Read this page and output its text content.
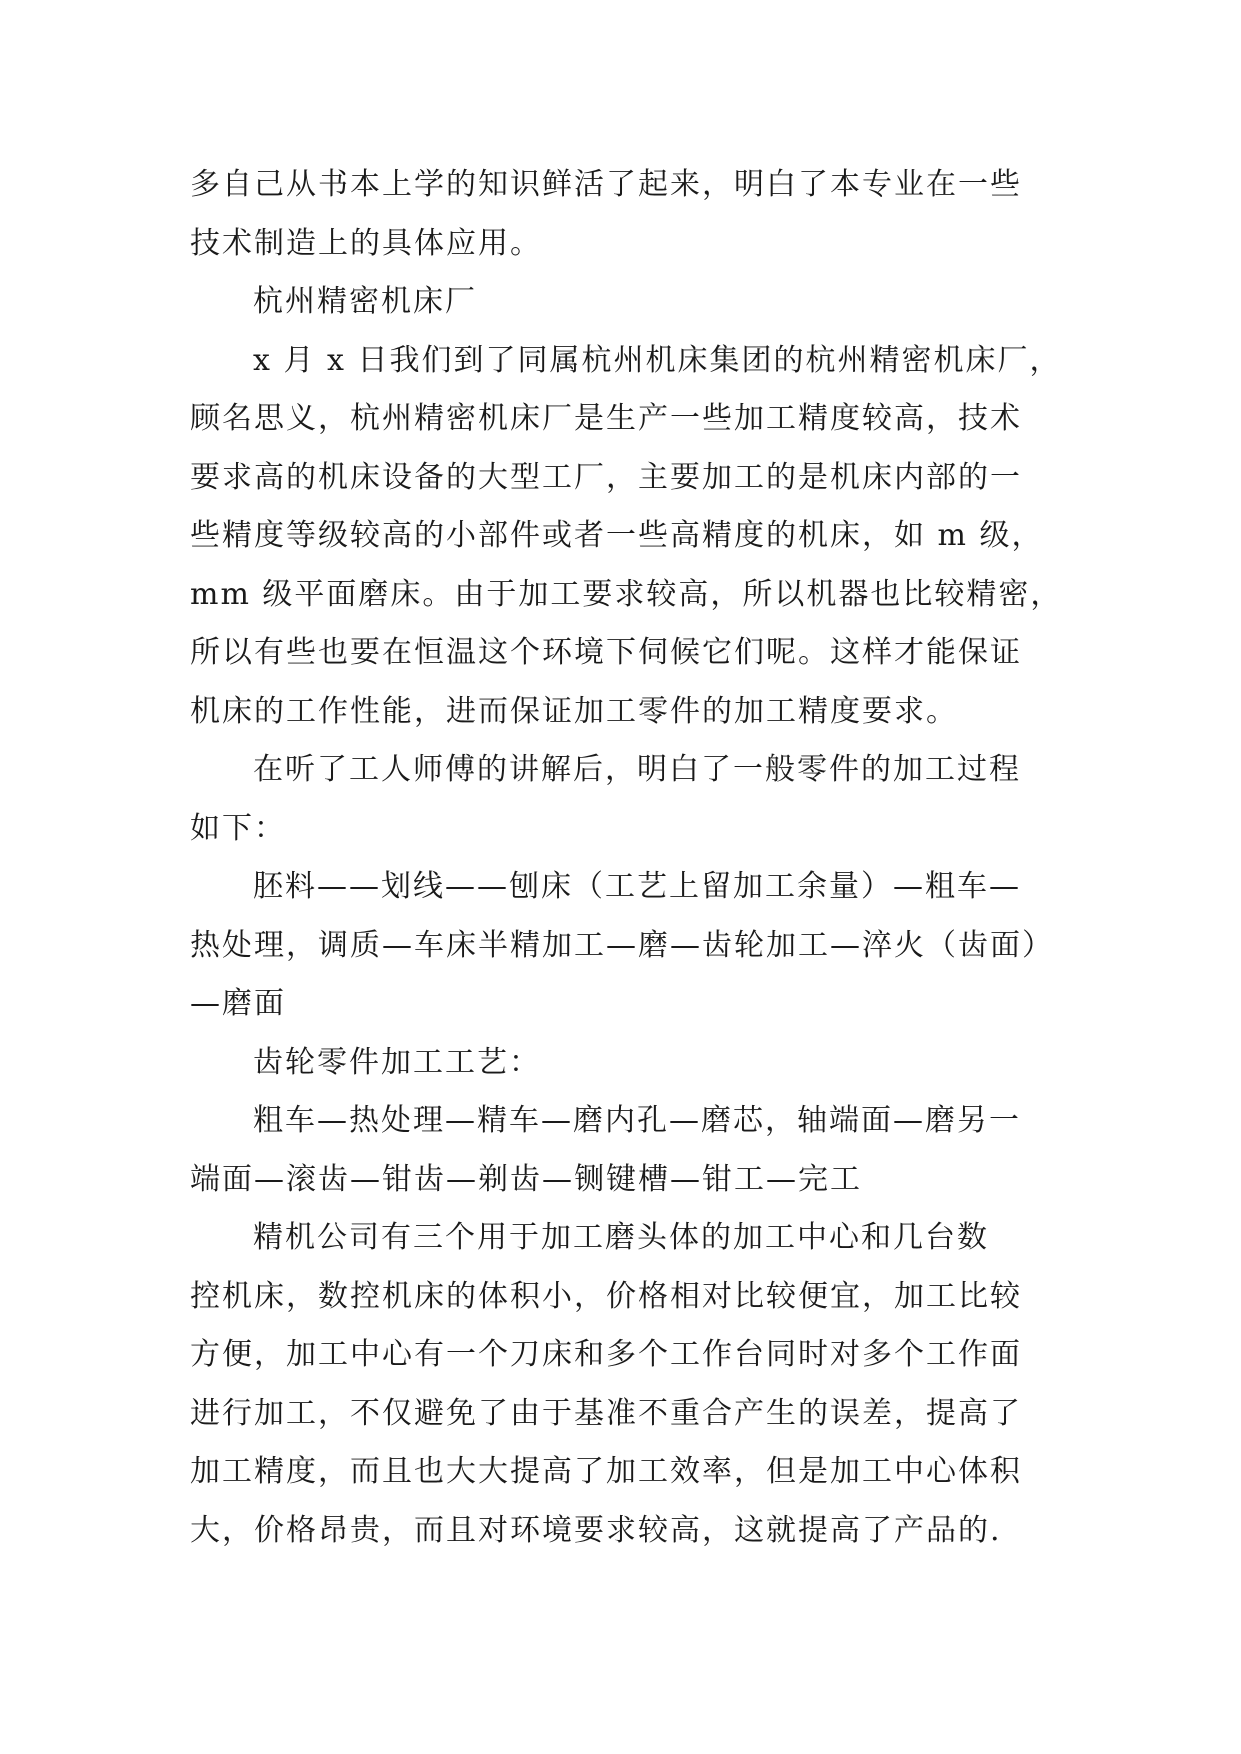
多自己从书本上学的知识鲜活了起来，明白了本专业在一些
技术制造上的具体应用。
杭州精密机床厂
x 月 x 日我们到了同属杭州机床集团的杭州精密机床厂，
顾名思义，杭州精密机床厂是生产一些加工精度较高，技术
要求高的机床设备的大型工厂，主要加工的是机床内部的一
些精度等级较高的小部件或者一些高精度的机床，如 m 级，
mm 级平面磨床。由于加工要求较高，所以机器也比较精密，
所以有些也要在恒温这个环境下伺候它们呢。这样才能保证
机床的工作性能，进而保证加工零件的加工精度要求。
在听了工人师傅的讲解后，明白了一般零件的加工过程
如下：
胚料——划线——刨床（工艺上留加工余量）—粗车—
热处理，调质—车床半精加工—磨—齿轮加工—淬火（齿面）
—磨面
齿轮零件加工工艺：
粗车—热处理—精车—磨内孔—磨芯，轴端面—磨另一
端面—滚齿—钳齿—剃齿—铡键槽—钳工—完工
精机公司有三个用于加工磨头体的加工中心和几台数
控机床，数控机床的体积小，价格相对比较便宜，加工比较
方便，加工中心有一个刀床和多个工作台同时对多个工作面
进行加工，不仅避免了由于基准不重合产生的误差，提高了
加工精度，而且也大大提高了加工效率，但是加工中心体积
大，价格昂贵，而且对环境要求较高，这就提高了产品的.
